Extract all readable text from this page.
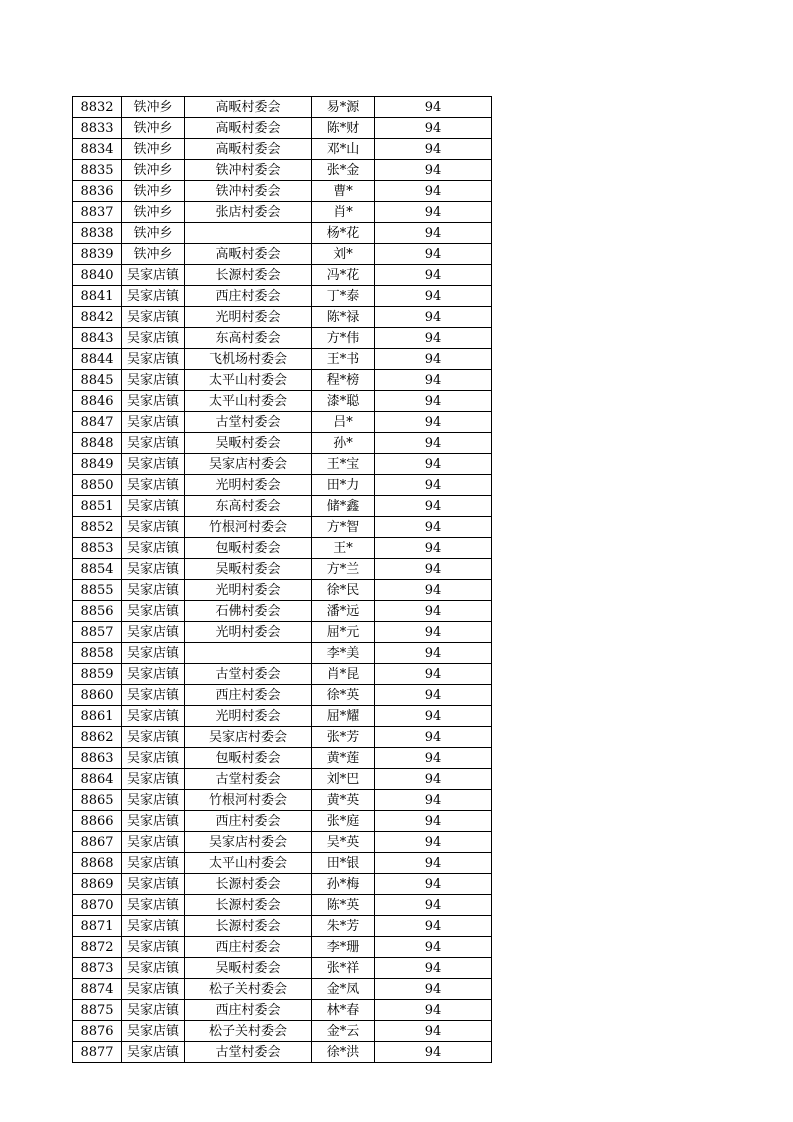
8832	铁冲乡	高畈村委会	易*源	94
8833	铁冲乡	高畈村委会	陈*财	94
8834	铁冲乡	高畈村委会	邓*山	94
8835	铁冲乡	铁冲村委会	张*金	94
8836	铁冲乡	铁冲村委会	曹*	94
8837	铁冲乡	张店村委会	肖*	94
8838	铁冲乡		杨*花	94
8839	铁冲乡	高畈村委会	刘*	94
8840	吴家店镇	长源村委会	冯*花	94
8841	吴家店镇	西庄村委会	丁*泰	94
8842	吴家店镇	光明村委会	陈*禄	94
8843	吴家店镇	东高村委会	方*伟	94
8844	吴家店镇	飞机场村委会	王*书	94
8845	吴家店镇	太平山村委会	程*榜	94
8846	吴家店镇	太平山村委会	漆*聪	94
8847	吴家店镇	古堂村委会	吕*	94
8848	吴家店镇	吴畈村委会	孙*	94
8849	吴家店镇	吴家店村委会	王*宝	94
8850	吴家店镇	光明村委会	田*力	94
8851	吴家店镇	东高村委会	储*鑫	94
8852	吴家店镇	竹根河村委会	方*智	94
8853	吴家店镇	包畈村委会	王*	94
8854	吴家店镇	吴畈村委会	方*兰	94
8855	吴家店镇	光明村委会	徐*民	94
8856	吴家店镇	石佛村委会	潘*远	94
8857	吴家店镇	光明村委会	屈*元	94
8858	吴家店镇		李*美	94
8859	吴家店镇	古堂村委会	肖*昆	94
8860	吴家店镇	西庄村委会	徐*英	94
8861	吴家店镇	光明村委会	屈*耀	94
8862	吴家店镇	吴家店村委会	张*芳	94
8863	吴家店镇	包畈村委会	黄*莲	94
8864	吴家店镇	古堂村委会	刘*巴	94
8865	吴家店镇	竹根河村委会	黄*英	94
8866	吴家店镇	西庄村委会	张*庭	94
8867	吴家店镇	吴家店村委会	吴*英	94
8868	吴家店镇	太平山村委会	田*银	94
8869	吴家店镇	长源村委会	孙*梅	94
8870	吴家店镇	长源村委会	陈*英	94
8871	吴家店镇	长源村委会	朱*芳	94
8872	吴家店镇	西庄村委会	李*珊	94
8873	吴家店镇	吴畈村委会	张*祥	94
8874	吴家店镇	松子关村委会	金*凤	94
8875	吴家店镇	西庄村委会	林*春	94
8876	吴家店镇	松子关村委会	金*云	94
8877	吴家店镇	古堂村委会	徐*洪	94
